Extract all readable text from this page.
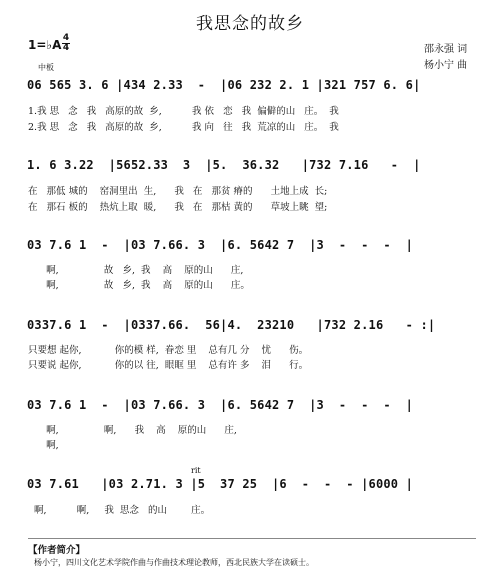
我思念的故乡
1=♭A 4
4
中板
邵永强 词
杨小宁 曲
06 565 3. 6 |434 2.33  -  |06 232 2. 1 |321 757 6. 6|
1.我 思   念   我   高原的故  乡,          我 依   恋   我  偏僻的山   庄。  我
2.我 思   念   我   高原的故  乡,          我 向   往   我  荒凉的山   庄。  我
1. 6 3.22  |5652.33  3  |5.  36.32   |732 7.16   -  |
在   那低 城的    窑洞里出  生,      我   在   那贫 瘠的      土地上成  长;
在   那石 板的    热炕上取  暖,      我   在   那枯 黄的      草坡上眺  望;
03 7.6 1  -  |03 7.66. 3  |6. 5642 7  |3  -  -  -  |
啊,               故   乡,  我    高    原的山      庄,
啊,               故   乡,  我    高    原的山      庄。
0337.6 1  -  |0337.66.  56|4.  23210   |732 2.16   - :|
只要想 起你,           你的模 样,  眷恋 里    总有几 分    忧      伤。
只要说 起你,           你的以 往,  眼眶 里    总有许 多    泪      行。
03 7.6 1  -  |03 7.66. 3  |6. 5642 7  |3  -  -  -  |
啊,               啊,      我    高    原的山      庄,
啊,
rit
03 7.61   |03 2.71. 3 |5  37 25  |6  -  -  - |6000 |
啊,          啊,     我  思念   的山        庄。
【作者简介】
杨小宁，四川文化艺术学院作曲与作曲技术理论教师，西北民族大学在读硕士。
